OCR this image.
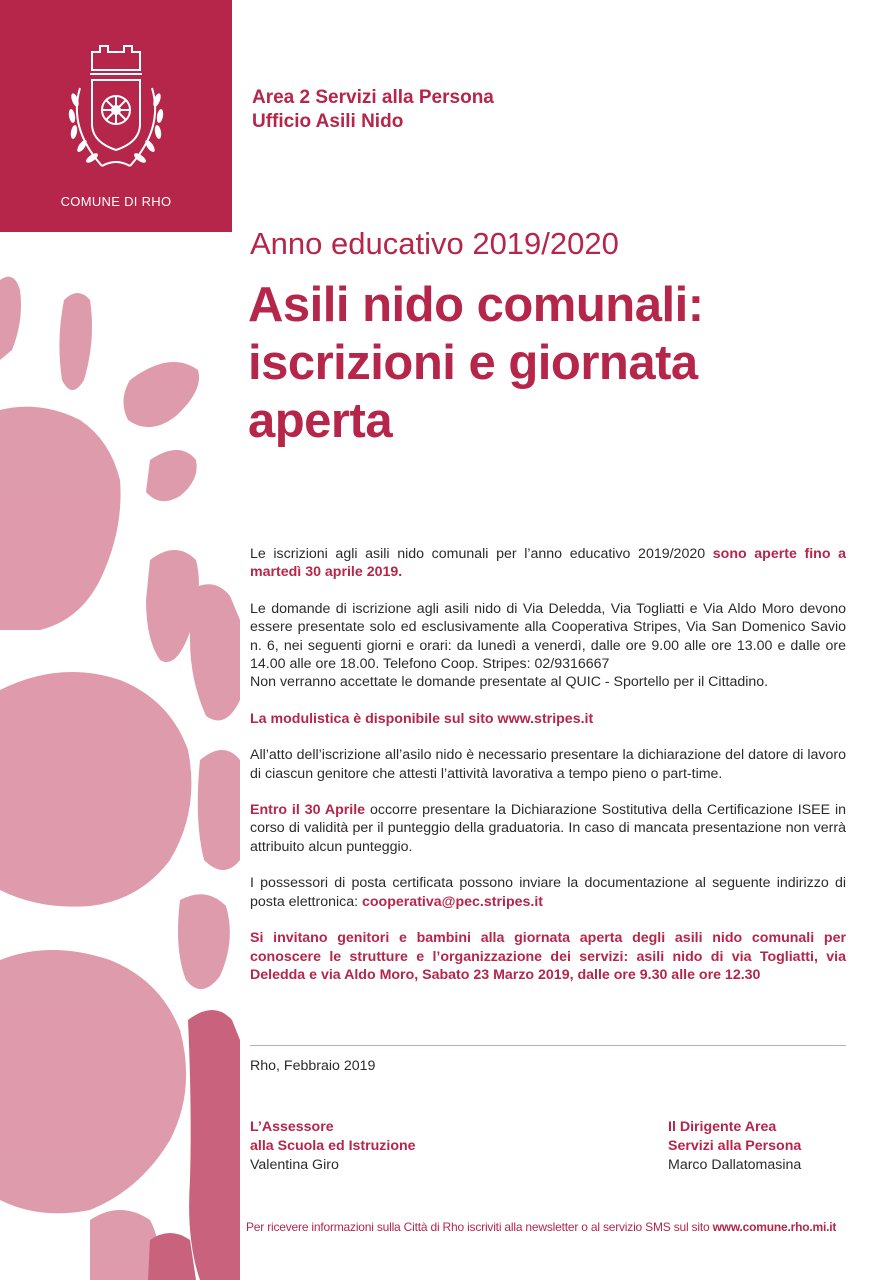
COMUNE DI RHO
Area 2 Servizi alla Persona
Ufficio Asili Nido
Anno educativo 2019/2020
Asili nido comunali:
iscrizioni e giornata
aperta

Le iscrizioni agli asili nido comunali per l’anno educativo 2019/2020 sono aperte fino a martedì 30 aprile 2019.

Le domande di iscrizione agli asili nido di Via Deledda, Via Togliatti e Via Aldo Moro devono essere presentate solo ed esclusivamente alla Cooperativa Stripes, Via San Domenico Savio n. 6, nei seguenti giorni e orari: da lunedì a venerdì, dalle ore 9.00 alle ore 13.00 e dalle ore 14.00 alle ore 18.00. Telefono Coop. Stripes: 02/9316667
Non verranno accettate le domande presentate al QUIC - Sportello per il Cittadino.

La modulistica è disponibile sul sito www.stripes.it

All’atto dell’iscrizione all’asilo nido è necessario presentare la dichiarazione del datore di lavoro di ciascun genitore che attesti l’attività lavorativa a tempo pieno o part-time.

Entro il 30 Aprile occorre presentare la Dichiarazione Sostitutiva della Certificazione ISEE in corso di validità per il punteggio della graduatoria. In caso di mancata presentazione non verrà attribuito alcun punteggio.

I possessori di posta certificata possono inviare la documentazione al seguente indirizzo di posta elettronica: cooperativa@pec.stripes.it

Si invitano genitori e bambini alla giornata aperta degli asili nido comunali per conoscere le strutture e l’organizzazione dei servizi: asili nido di via Togliatti, via Deledda e via Aldo Moro, Sabato 23 Marzo 2019, dalle ore 9.30 alle ore 12.30

Rho, Febbraio 2019
L’Assessore
alla Scuola ed Istruzione
Valentina Giro
Il Dirigente Area
Servizi alla Persona
Marco Dallatomasina
Per ricevere informazioni sulla Città di Rho iscriviti alla newsletter o al servizio SMS sul sito www.comune.rho.mi.it
